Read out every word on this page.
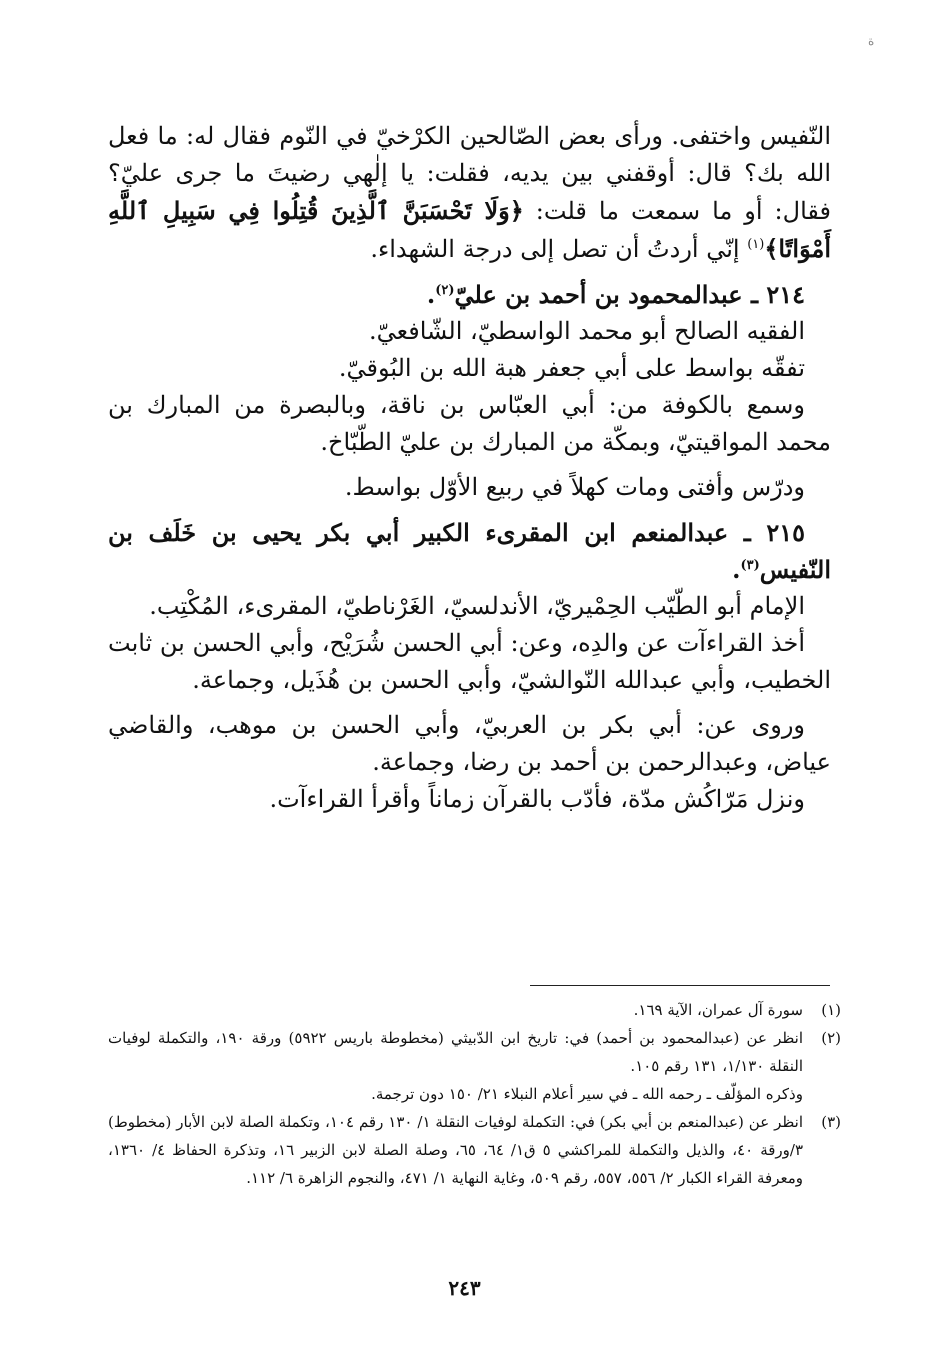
ة

النّفيس واختفى. ورأى بعض الصّالحين الكرْخيّ في النّوم فقال له: ما فعل الله بك؟ قال: أوقفني بين يديه، فقلت: يا إلٰهي رضيتَ ما جرى عليّ؟ فقال: أو ما سمعت ما قلت: ﴿وَلَا تَحْسَبَنَّ ٱلَّذِينَ قُتِلُوا فِي سَبِيلِ ٱللَّهِ أَمْوَاتًا﴾$^{(١)}$ إنّي أردتُ أن تصل إلى درجة الشهداء.

٢١٤ ـ عبدالمحمود بن أحمد بن عليّ$^{(٢)}$.

الفقيه الصالح أبو محمد الواسطيّ، الشّافعيّ.

تفقّه بواسط على أبي جعفر هبة الله بن البُوقيّ.

وسمع بالكوفة من: أبي العبّاس بن ناقة، وبالبصرة من المبارك بن محمد المواقيتيّ، وبمكّة من المبارك بن عليّ الطّبّاخ.

ودرّس وأفتى ومات كهلاً في ربيع الأوّل بواسط.

٢١٥ ـ عبدالمنعم ابن المقرىء الكبير أبي بكر يحيى بن خَلَف بن النّفيس$^{(٣)}$.

الإمام أبو الطّيّب الحِمْيريّ، الأندلسيّ، الغَرْناطيّ، المقرىء، المُكْتِب.

أخذ القراءآت عن والدِه، وعن: أبي الحسن شُرَيْح، وأبي الحسن بن ثابت الخطيب، وأبي عبدالله النّوالشيّ، وأبي الحسن بن هُذَيل، وجماعة.

وروى عن: أبي بكر بن العربيّ، وأبي الحسن بن موهب، والقاضي عياض، وعبدالرحمن بن أحمد بن رضا، وجماعة.

ونزل مَرّاكُش مدّة، فأدّب بالقرآن زماناً وأقرأ القراءآت.

(١)
سورة آل عمران، الآية ١٦٩.
(٢)
انظر عن (عبدالمحمود بن أحمد) في: تاريخ ابن الدّبيثي (مخطوطة باريس ٥٩٢٢) ورقة ١٩٠، والتكملة لوفيات النقلة ١/١٣٠، ١٣١ رقم ١٠٥.
وذكره المؤلّف ـ رحمه الله ـ في سير أعلام النبلاء ٢١/ ١٥٠ دون ترجمة.
(٣)
انظر عن (عبدالمنعم بن أبي بكر) في: التكملة لوفيات النقلة ١/ ١٣٠ رقم ١٠٤، وتكملة الصلة لابن الأبار (مخطوط) ٣/ورقة ٤٠، والذيل والتكملة للمراكشي ٥ ق١/ ٦٤، ٦٥، وصلة الصلة لابن الزبير ١٦، وتذكرة الحفاظ ٤/ ١٣٦٠، ومعرفة القراء الكبار ٢/ ٥٥٦، ٥٥٧، رقم ٥٠٩، وغاية النهاية ١/ ٤٧١، والنجوم الزاهرة ٦/ ١١٢.
٢٤٣
